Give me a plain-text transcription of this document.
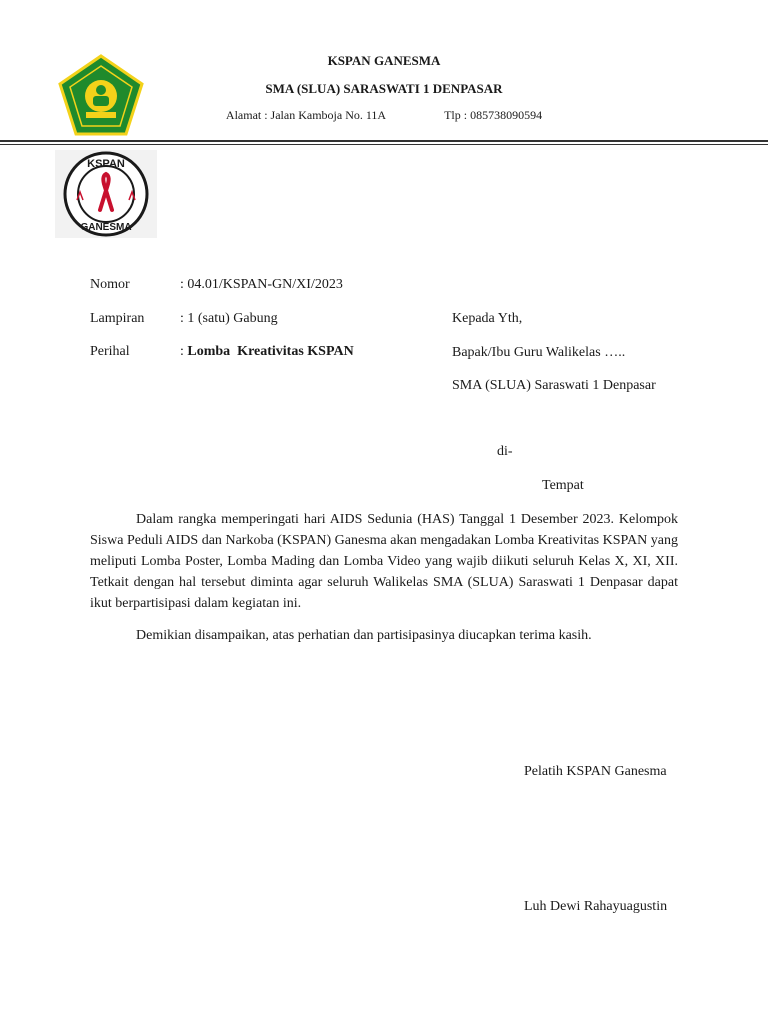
KSPAN GANESMA
SMA (SLUA) SARASWATI 1 DENPASAR
Alamat : Jalan Kamboja No. 11A	Tlp : 085738090594
KSPAN
GANESMA
Nomor	: 04.01/KSPAN-GN/XI/2023
Lampiran	: 1 (satu) Gabung
Perihal	: Lomba  Kreativitas KSPAN
Kepada Yth,
Bapak/Ibu Guru Walikelas …..
SMA (SLUA) Saraswati 1 Denpasar
di-
Tempat
Dalam rangka memperingati hari AIDS Sedunia (HAS) Tanggal 1 Desember 2023. Kelompok Siswa Peduli AIDS dan Narkoba (KSPAN) Ganesma akan mengadakan Lomba Kreativitas KSPAN yang meliputi Lomba Poster, Lomba Mading dan Lomba Video yang wajib diikuti seluruh Kelas X, XI, XII. Tetkait dengan hal tersebut diminta agar seluruh Walikelas SMA (SLUA) Saraswati 1 Denpasar dapat ikut berpartisipasi dalam kegiatan ini.
Demikian disampaikan, atas perhatian dan partisipasinya diucapkan terima kasih.
Pelatih KSPAN Ganesma
Luh Dewi Rahayuagustin
